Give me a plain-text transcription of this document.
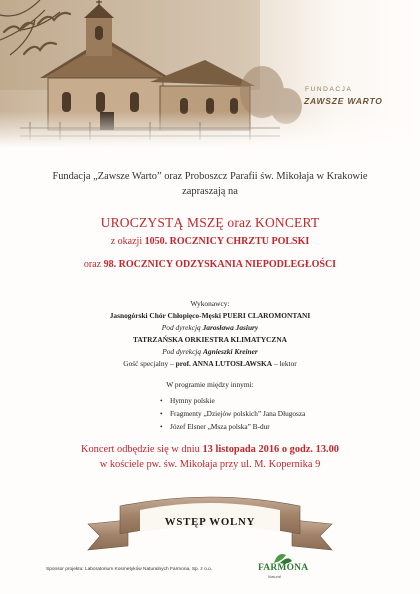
FUNDACJA
ZAWSZE WARTO
Fundacja „Zawsze Warto” oraz Proboszcz Parafii św. Mikołaja w Krakowie
zapraszają na
UROCZYSTĄ MSZĘ oraz KONCERT
z okazji 1050. ROCZNICY CHRZTU POLSKI
oraz 98. ROCZNICY ODZYSKANIA NIEPODLEGŁOŚCI
Wykonawcy:
Jasnogórski Chór Chłopięco-Męski PUERI CLAROMONTANI
Pod dyrekcją Jarosława Jasiury
TATRZAŃSKA ORKIESTRA KLIMATYCZNA
Pod dyrekcją Agnieszki Kreiner
Gość specjalny – prof. ANNA LUTOSŁAWSKA – lektor
W programie między innymi:
• Hymny polskie
• Fragmenty „Dziejów polskich” Jana Długosza
• Józef Elsner „Msza polska” B-dur
Koncert odbędzie się w dniu 13 listopada 2016 o godz. 13.00
w kościele pw. św. Mikołaja przy ul. M. Kopernika 9
WSTĘP WOLNY
Sponsor projektu: Laboratorium Kosmetyków Naturalnych Farmona, Sp. z o.o.	FARMONA
Natural
